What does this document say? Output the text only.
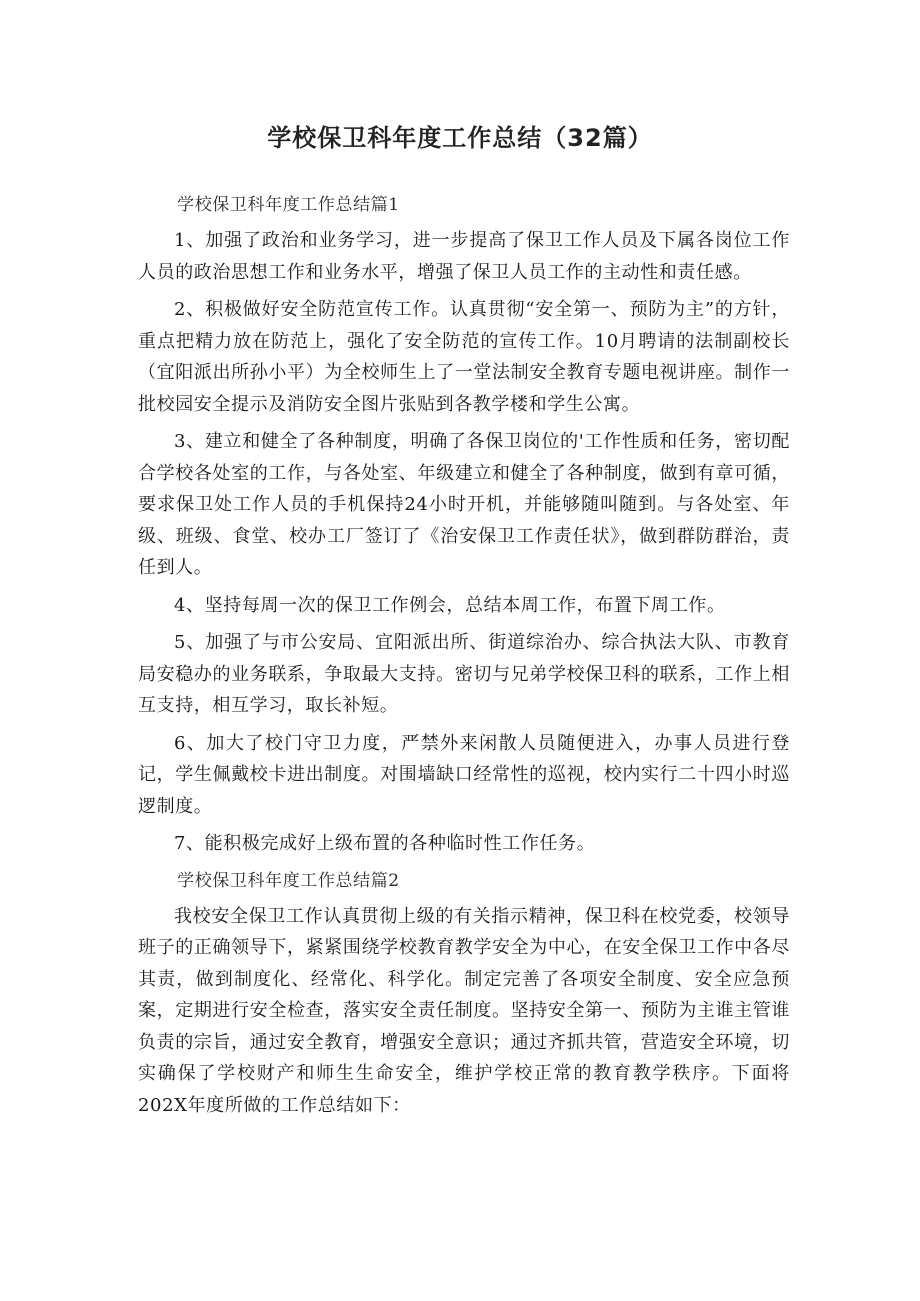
学校保卫科年度工作总结（32篇）

学校保卫科年度工作总结篇1

1、加强了政治和业务学习，进一步提高了保卫工作人员及下属各岗位工作人员的政治思想工作和业务水平，增强了保卫人员工作的主动性和责任感。

2、积极做好安全防范宣传工作。认真贯彻“安全第一、预防为主”的方针，重点把精力放在防范上，强化了安全防范的宣传工作。10月聘请的法制副校长（宜阳派出所孙小平）为全校师生上了一堂法制安全教育专题电视讲座。制作一批校园安全提示及消防安全图片张贴到各教学楼和学生公寓。

3、建立和健全了各种制度，明确了各保卫岗位的'工作性质和任务，密切配合学校各处室的工作，与各处室、年级建立和健全了各种制度，做到有章可循，要求保卫处工作人员的手机保持24小时开机，并能够随叫随到。与各处室、年级、班级、食堂、校办工厂签订了《治安保卫工作责任状》，做到群防群治，责任到人。

4、坚持每周一次的保卫工作例会，总结本周工作，布置下周工作。

5、加强了与市公安局、宜阳派出所、街道综治办、综合执法大队、市教育局安稳办的业务联系，争取最大支持。密切与兄弟学校保卫科的联系，工作上相互支持，相互学习，取长补短。

6、加大了校门守卫力度，严禁外来闲散人员随便进入，办事人员进行登记，学生佩戴校卡进出制度。对围墙缺口经常性的巡视，校内实行二十四小时巡逻制度。

7、能积极完成好上级布置的各种临时性工作任务。

学校保卫科年度工作总结篇2

我校安全保卫工作认真贯彻上级的有关指示精神，保卫科在校党委，校领导班子的正确领导下，紧紧围绕学校教育教学安全为中心，在安全保卫工作中各尽其责，做到制度化、经常化、科学化。制定完善了各项安全制度、安全应急预案，定期进行安全检查，落实安全责任制度。坚持安全第一、预防为主谁主管谁负责的宗旨，通过安全教育，增强安全意识；通过齐抓共管，营造安全环境，切实确保了学校财产和师生生命安全，维护学校正常的教育教学秩序。下面将202X年度所做的工作总结如下：
